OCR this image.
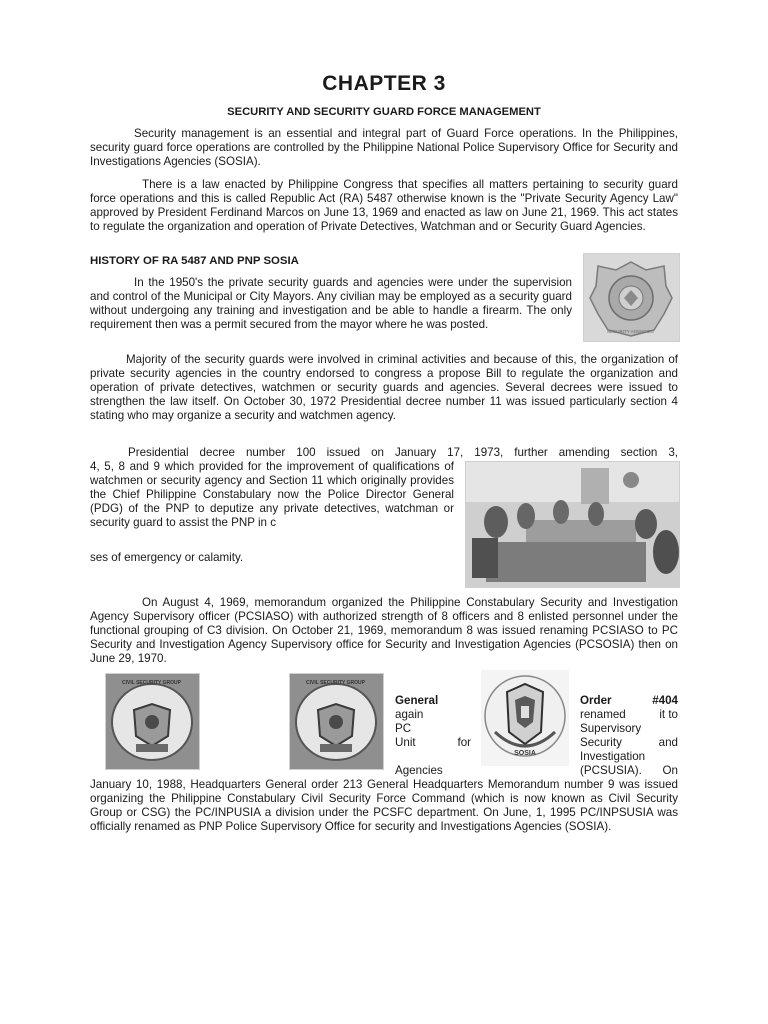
CHAPTER 3
SECURITY AND SECURITY GUARD FORCE MANAGEMENT
Security management is an essential and integral part of Guard Force operations. In the Philippines, security guard force operations are controlled by the Philippine National Police Supervisory Office for Security and Investigations Agencies (SOSIA).
There is a law enacted by Philippine Congress that specifies all matters pertaining to security guard force operations and this is called Republic Act (RA) 5487 otherwise known is the "Private Security Agency Law" approved by President Ferdinand Marcos on June 13, 1969 and enacted as law on June 21, 1969. This act states to regulate the organization and operation of Private Detectives, Watchman and or Security Guard Agencies.
HISTORY OF RA 5487 AND PNP SOSIA
In the 1950's the private security guards and agencies were under the supervision and control of the Municipal or City Mayors. Any civilian may be employed as a security guard without undergoing any training and investigation and be able to handle a firearm. The only requirement then was a permit secured from the mayor where he was posted.
SECURITY AGENCIES
Majority of the security guards were involved in criminal activities and because of this, the organization of private security agencies in the country endorsed to congress a propose Bill to regulate the organization and operation of private detectives, watchmen or security guards and agencies. Several decrees were issued to strengthen the law itself. On October 30, 1972 Presidential decree number 11 was issued particularly section 4 stating who may organize a security and watchmen agency.
Presidential decree number 100 issued on January 17, 1973, further amending section 3,
4, 5, 8 and 9 which provided for the improvement of qualifications of watchmen or security agency and Section 11 which originally provides the Chief Philippine Constabulary now the Police Director General (PDG) of the PNP to deputize any private detectives, watchman or security guard to assist the PNP in c
ses of emergency or calamity.
On August 4, 1969, memorandum organized the Philippine Constabulary Security and Investigation Agency Supervisory officer (PCSIASO) with authorized strength of 8 officers and 8 enlisted personnel under the functional grouping of C3 division. On October 21, 1969, memorandum 8 was issued renaming PCSIASO to PC Security and Investigation Agency Supervisory office for Security and Investigation Agencies (PCSOSIA) then on June 29, 1970.
CIVIL SECURITY GROUP	CIVIL SECURITY GROUP
General
again
PC
Unit	for
Agencies
SOSIA
Order	#404
renamed	it to
Supervisory
Security	and
Investigation
(PCSUSIA). On
January 10, 1988, Headquarters General order 213 General Headquarters Memorandum number 9 was issued organizing the Philippine Constabulary Civil Security Force Command (which is now known as Civil Security Group or CSG) the PC/INPUSIA a division under the PCSFC department. On June, 1, 1995 PC/INPSUSIA was officially renamed as PNP Police Supervisory Office for security and Investigations Agencies (SOSIA).
